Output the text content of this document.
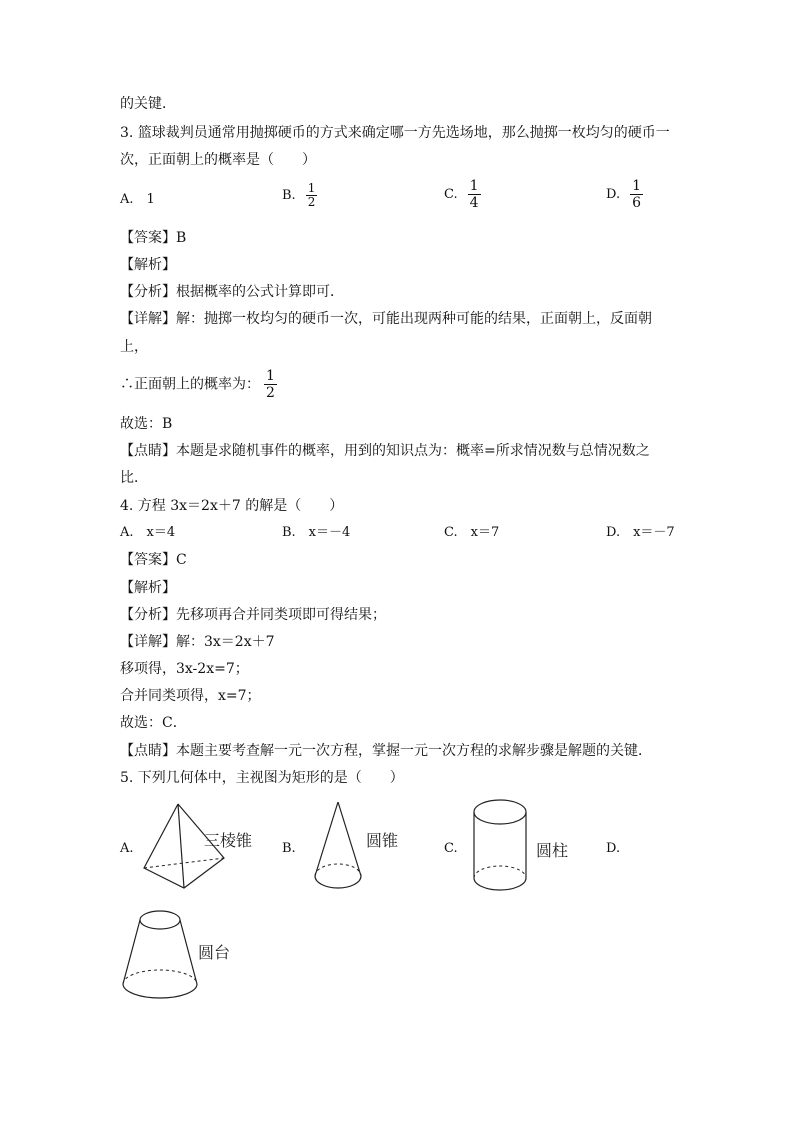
的关键．
3. 篮球裁判员通常用抛掷硬币的方式来确定哪一方先选场地，那么抛掷一枚均匀的硬币一
次，正面朝上的概率是（　　）
A.　1	B. $\frac{1}{2}$	C. $\frac{1}{4}$	D. $\frac{1}{6}$
【答案】B
【解析】
【分析】根据概率的公式计算即可．
【详解】解：抛掷一枚均匀的硬币一次，可能出现两种可能的结果，正面朝上，反面朝
上，
∴正面朝上的概率为： $\frac{1}{2}$
故选：B
【点睛】本题是求随机事件的概率，用到的知识点为：概率=所求情况数与总情况数之
比．
4. 方程 3x＝2x＋7 的解是（　　）
A.　x＝4	B.　x＝－4	C.　x＝7	D.　x＝－7
【答案】C
【解析】
【分析】先移项再合并同类项即可得结果；
【详解】解：3x＝2x＋7
移项得，3x-2x=7；
合并同类项得，x=7；
故选：C．
【点睛】本题主要考查解一元一次方程，掌握一元一次方程的求解步骤是解题的关键．
5. 下列几何体中，主视图为矩形的是（　　）
A.	B.	C.	D.
三棱锥	圆锥
圆柱
圆台
